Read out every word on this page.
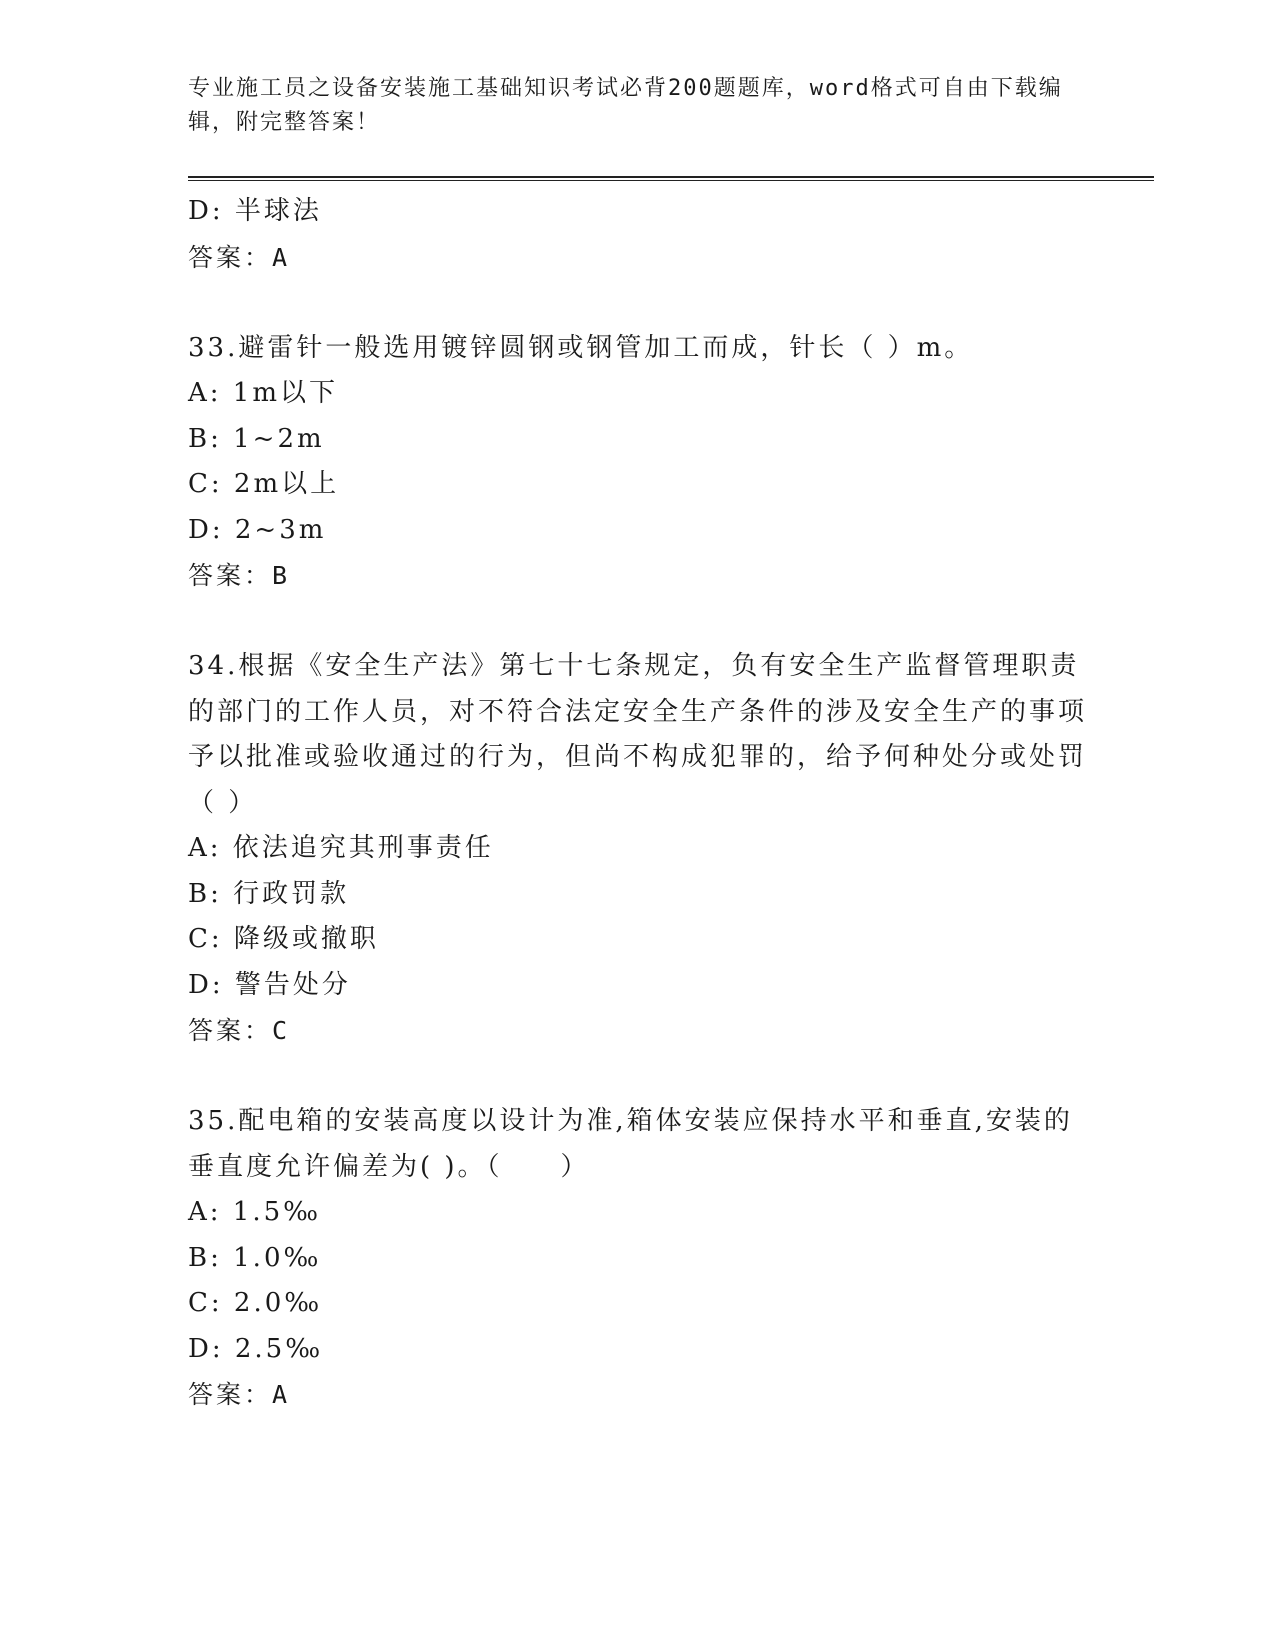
专业施工员之设备安装施工基础知识考试必背200题题库，word格式可自由下载编辑，附完整答案！
D: 半球法
答案：A
33.避雷针一般选用镀锌圆钢或钢管加工而成，针长（ ）m。
A: 1m以下
B: 1~2m
C: 2m以上
D: 2~3m
答案：B
34.根据《安全生产法》第七十七条规定，负有安全生产监督管理职责的部门的工作人员，对不符合法定安全生产条件的涉及安全生产的事项予以批准或验收通过的行为，但尚不构成犯罪的，给予何种处分或处罚（ ）
A: 依法追究其刑事责任
B: 行政罚款
C: 降级或撤职
D: 警告处分
答案：C
35.配电箱的安装高度以设计为准,箱体安装应保持水平和垂直,安装的垂直度允许偏差为( )。（　　）
A: 1.5‰
B: 1.0‰
C: 2.0‰
D: 2.5‰
答案：A
